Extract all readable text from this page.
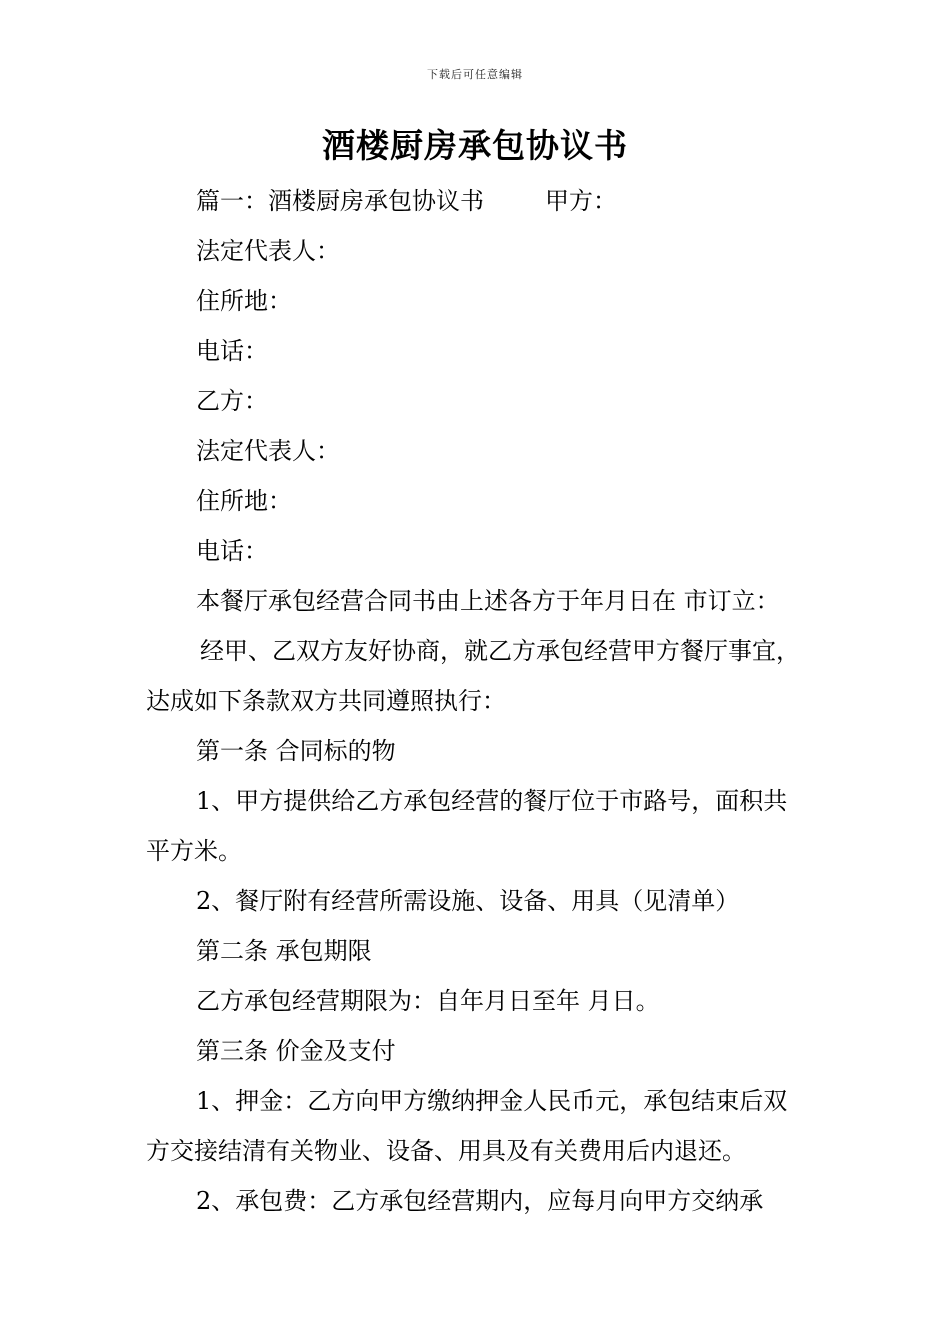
下载后可任意编辑
酒楼厨房承包协议书

篇一：酒楼厨房承包协议书        甲方：

法定代表人：

住所地：

电话：

乙方：

法定代表人：

住所地：

电话：

本餐厅承包经营合同书由上述各方于年月日在 市订立：

经甲、乙双方友好协商，就乙方承包经营甲方餐厅事宜，达成如下条款双方共同遵照执行：

第一条 合同标的物

1、甲方提供给乙方承包经营的餐厅位于市路号，面积共平方米。

2、餐厅附有经营所需设施、设备、用具（见清单）

第二条 承包期限

乙方承包经营期限为：自年月日至年 月日。

第三条 价金及支付

1、押金：乙方向甲方缴纳押金人民币元，承包结束后双方交接结清有关物业、设备、用具及有关费用后内退还。

2、承包费：乙方承包经营期内，应每月向甲方交纳承
